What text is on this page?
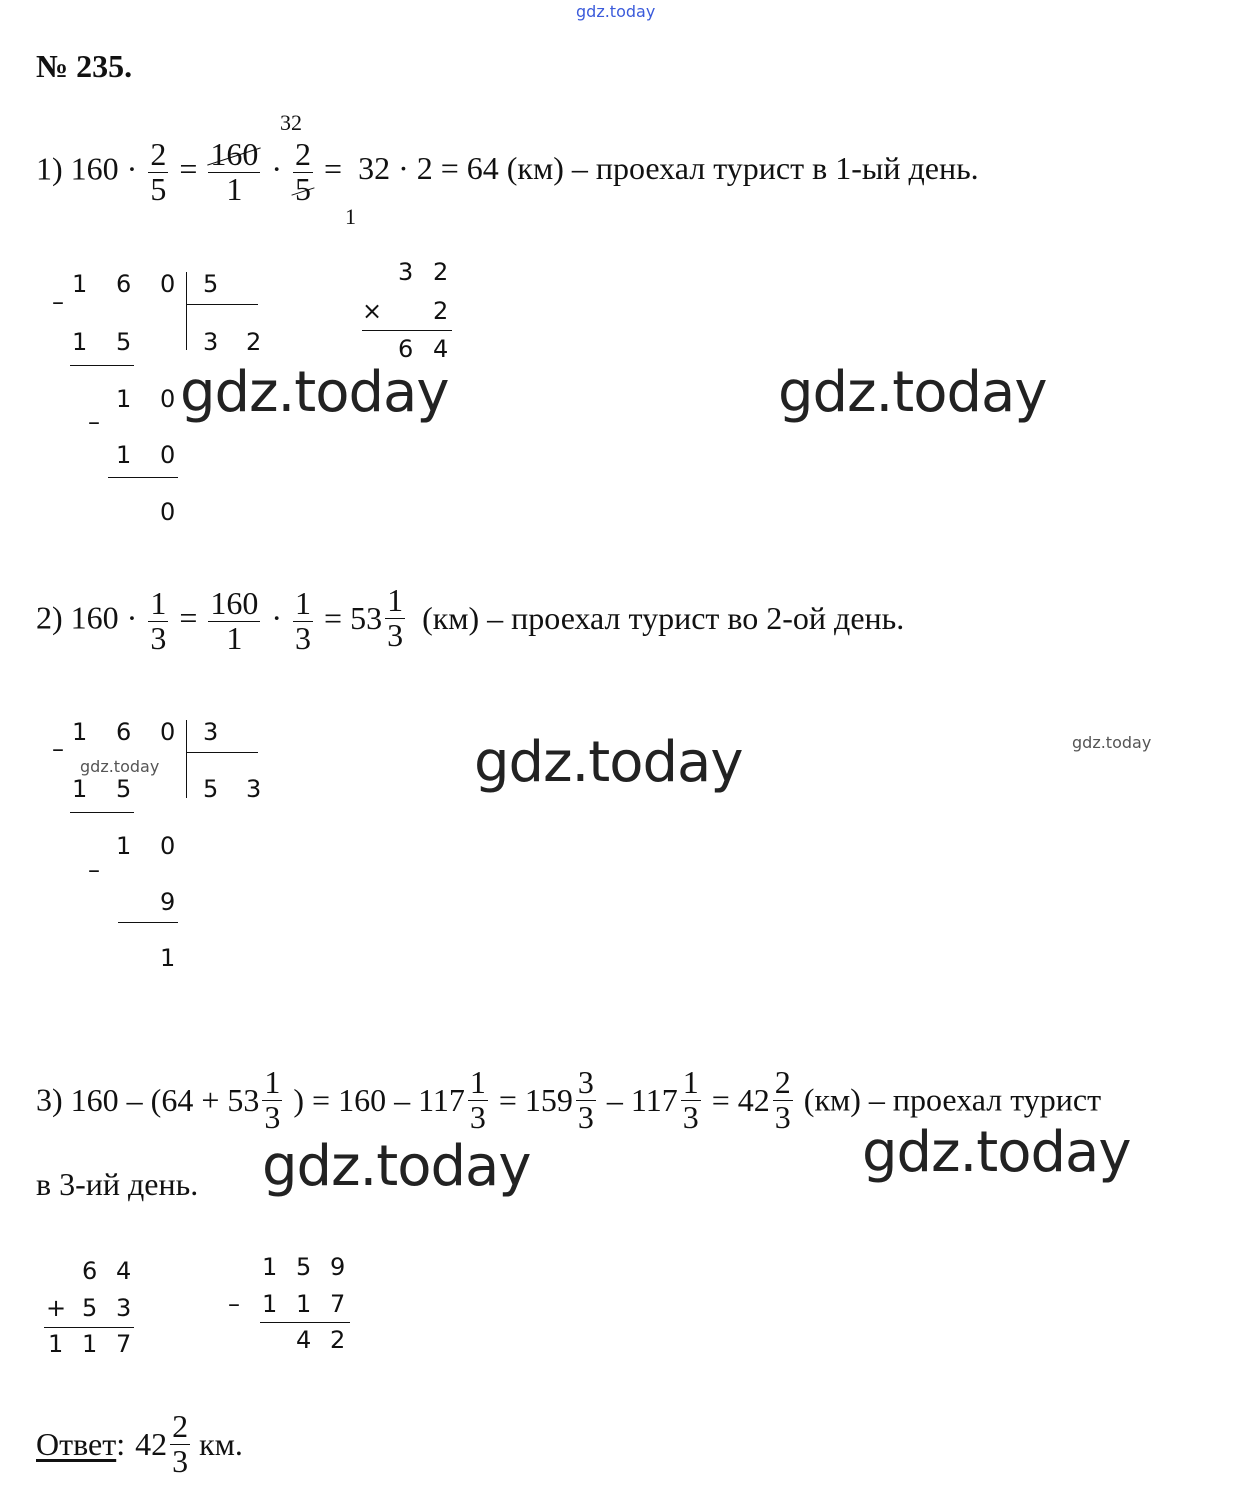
gdz.today
№ 235.
1) $160 \cdot \frac{2}{5} = \frac{160}{1} \cdot \frac{2}{5} = 32 \cdot 2 = 64$ (км) – проехал турист в 1-ый день.
32
1
–
1 6 0 5
3 2
1 5
–
1 0
1 0
0
3 2
× 2
6 4
gdz.today	gdz.today
2) $160 \cdot \frac{1}{3} = \frac{160}{1} \cdot \frac{1}{3}$
= $53 \frac{1}{3} (км)$ – проехал турист во 2-ой день.
–
1 6 0 3
5 3
1 5
–
1 0
9
1
gdz.today	gdz.today	gdz.today
3) $160 - (64 + 53 \frac{1}{3}$
) = $160 - 117 \frac{1}{3}$
= $159 \frac{3}{3}$
– $117 \frac{1}{3}$
= $42 \frac{2}{3} (км)$ – проехал турист
в 3-ий день. gdz.today	gdz.today
6 4
+ 5 3
1 1 7
1 5 9
– 1 1 7
4 2
Ответ : $42 \frac{2}{3}$ км.
